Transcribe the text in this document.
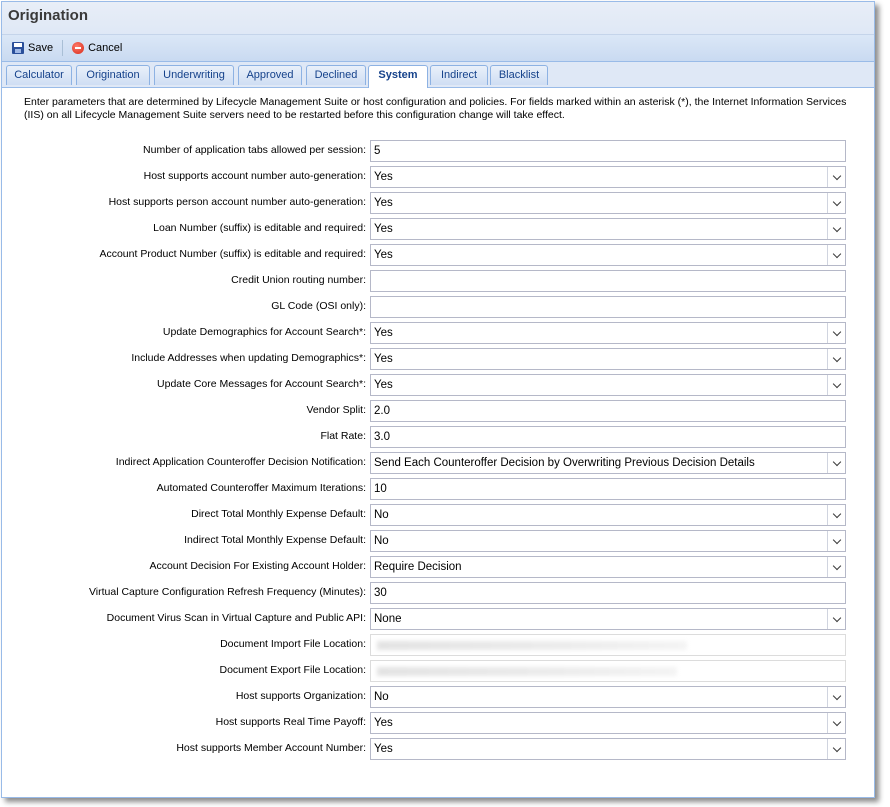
Origination
Save	Cancel
Calculator	Origination	Underwriting	Approved	Declined	System	Indirect	Blacklist
Enter parameters that are determined by Lifecycle Management Suite or host configuration and policies. For fields marked within an asterisk (*), the Internet Information Services (IIS) on all Lifecycle Management Suite servers need to be restarted before this configuration change will take effect.
Number of application tabs allowed per session: 5
Host supports account number auto-generation: Yes
Host supports person account number auto-generation: Yes
Loan Number (suffix) is editable and required: Yes
Account Product Number (suffix) is editable and required: Yes
Credit Union routing number:
GL Code (OSI only):
Update Demographics for Account Search*: Yes
Include Addresses when updating Demographics*: Yes
Update Core Messages for Account Search*: Yes
Vendor Split: 2.0
Flat Rate: 3.0
Indirect Application Counteroffer Decision Notification: Send Each Counteroffer Decision by Overwriting Previous Decision Details
Automated Counteroffer Maximum Iterations: 10
Direct Total Monthly Expense Default: No
Indirect Total Monthly Expense Default: No
Account Decision For Existing Account Holder: Require Decision
Virtual Capture Configuration Refresh Frequency (Minutes): 30
Document Virus Scan in Virtual Capture and Public API: None
Document Import File Location:
Document Export File Location:
Host supports Organization: No
Host supports Real Time Payoff: Yes
Host supports Member Account Number: Yes
